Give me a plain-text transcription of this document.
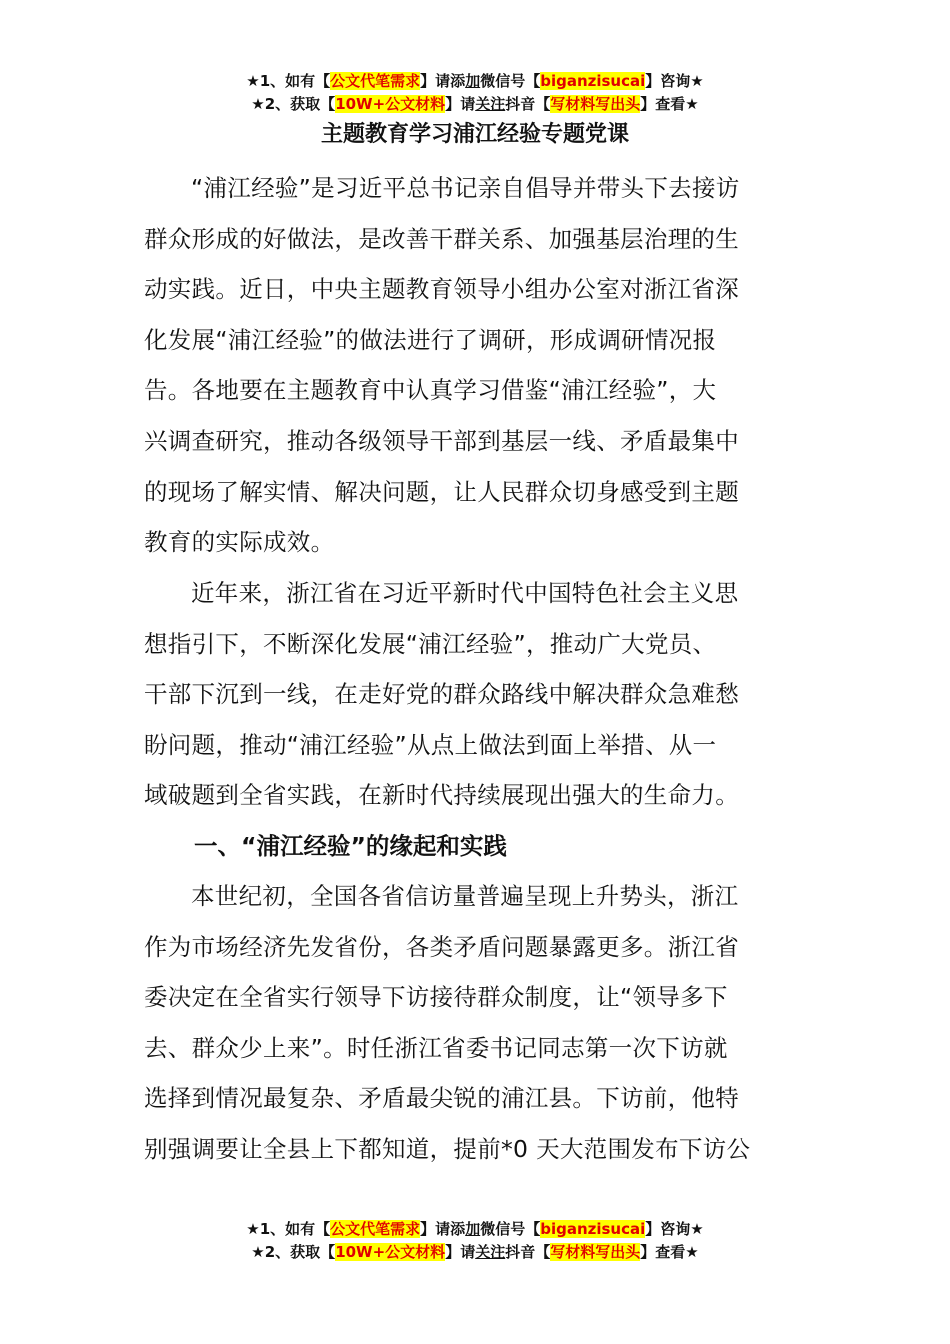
★1、如有【公文代笔需求】请添加微信号【biganzisucai】咨询★
★2、获取【10W+公文材料】请关注抖音【写材料写出头】查看★
主题教育学习浦江经验专题党课
“浦江经验”是习近平总书记亲自倡导并带头下去接访
群众形成的好做法，是改善干群关系、加强基层治理的生
动实践。近日，中央主题教育领导小组办公室对浙江省深
化发展“浦江经验”的做法进行了调研，形成调研情况报
告。各地要在主题教育中认真学习借鉴“浦江经验”，大
兴调查研究，推动各级领导干部到基层一线、矛盾最集中
的现场了解实情、解决问题，让人民群众切身感受到主题
教育的实际成效。
近年来，浙江省在习近平新时代中国特色社会主义思
想指引下，不断深化发展“浦江经验”，推动广大党员、
干部下沉到一线，在走好党的群众路线中解决群众急难愁
盼问题，推动“浦江经验”从点上做法到面上举措、从一
域破题到全省实践，在新时代持续展现出强大的生命力。
一、“浦江经验”的缘起和实践
本世纪初，全国各省信访量普遍呈现上升势头，浙江
作为市场经济先发省份，各类矛盾问题暴露更多。浙江省
委决定在全省实行领导下访接待群众制度，让“领导多下
去、群众少上来”。时任浙江省委书记同志第一次下访就
选择到情况最复杂、矛盾最尖锐的浦江县。下访前，他特
别强调要让全县上下都知道，提前*0 天大范围发布下访公
★1、如有【公文代笔需求】请添加微信号【biganzisucai】咨询★
★2、获取【10W+公文材料】请关注抖音【写材料写出头】查看★
